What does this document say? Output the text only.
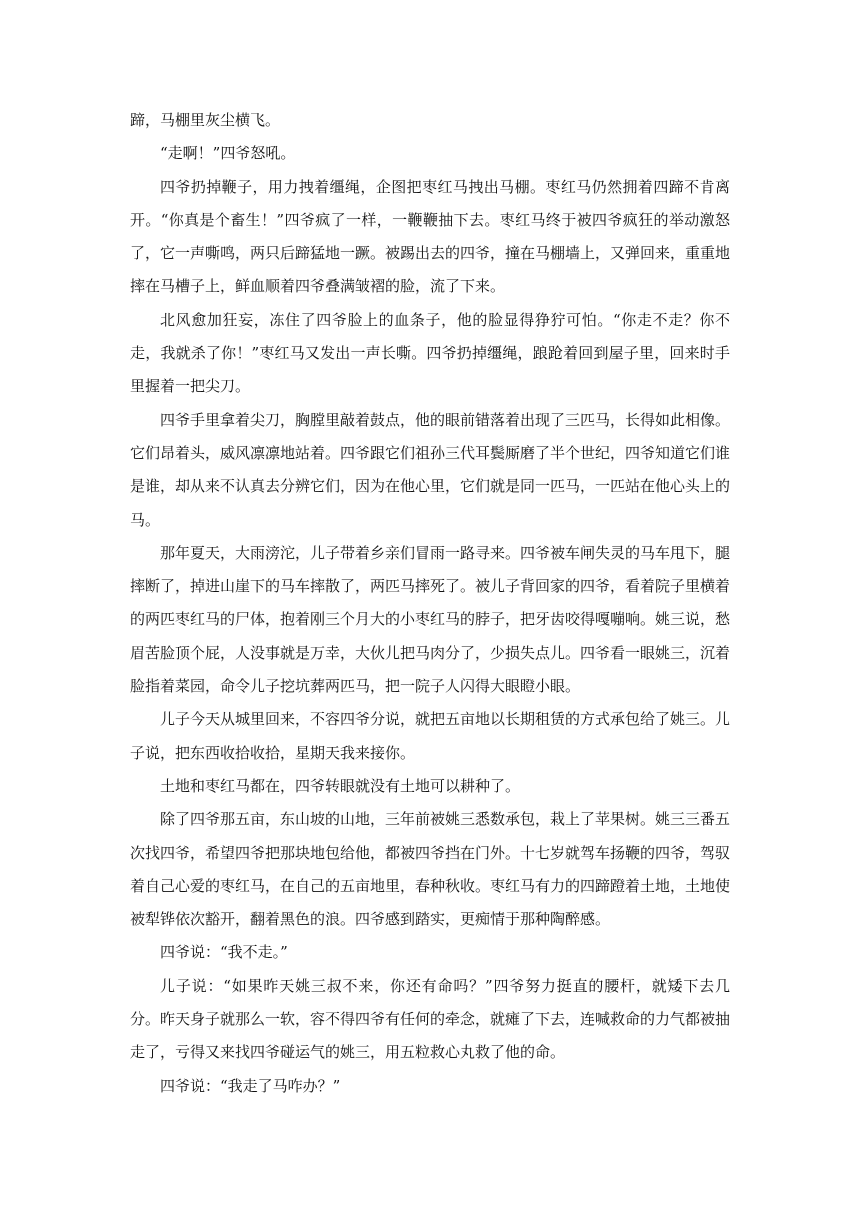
蹄，马棚里灰尘横飞。

“走啊！”四爷怒吼。

四爷扔掉鞭子，用力拽着缰绳，企图把枣红马拽出马棚。枣红马仍然拥着四蹄不肯离开。“你真是个畜生！”四爷疯了一样，一鞭鞭抽下去。枣红马终于被四爷疯狂的举动激怒了，它一声嘶鸣，两只后蹄猛地一蹶。被踢出去的四爷，撞在马棚墙上，又弹回来，重重地摔在马槽子上，鲜血顺着四爷叠满皱褶的脸，流了下来。

北风愈加狂妄，冻住了四爷脸上的血条子，他的脸显得狰狞可怕。“你走不走？你不走，我就杀了你！”枣红马又发出一声长嘶。四爷扔掉缰绳，踉跄着回到屋子里，回来时手里握着一把尖刀。

四爷手里拿着尖刀，胸膛里敲着鼓点，他的眼前错落着出现了三匹马，长得如此相像。它们昂着头，威风凛凛地站着。四爷跟它们祖孙三代耳鬓厮磨了半个世纪，四爷知道它们谁是谁，却从来不认真去分辨它们，因为在他心里，它们就是同一匹马，一匹站在他心头上的马。

那年夏天，大雨滂沱，儿子带着乡亲们冒雨一路寻来。四爷被车闸失灵的马车甩下，腿摔断了，掉进山崖下的马车摔散了，两匹马摔死了。被儿子背回家的四爷，看着院子里横着的两匹枣红马的尸体，抱着刚三个月大的小枣红马的脖子，把牙齿咬得嘎嘣响。姚三说，愁眉苦脸顶个屁，人没事就是万幸，大伙儿把马肉分了，少损失点儿。四爷看一眼姚三，沉着脸指着菜园，命令儿子挖坑葬两匹马，把一院子人闪得大眼瞪小眼。

儿子今天从城里回来，不容四爷分说，就把五亩地以长期租赁的方式承包给了姚三。儿子说，把东西收拾收拾，星期天我来接你。

土地和枣红马都在，四爷转眼就没有土地可以耕种了。

除了四爷那五亩，东山坡的山地，三年前被姚三悉数承包，栽上了苹果树。姚三三番五次找四爷，希望四爷把那块地包给他，都被四爷挡在门外。十七岁就驾车扬鞭的四爷，驾驭着自己心爱的枣红马，在自己的五亩地里，春种秋收。枣红马有力的四蹄蹬着土地，土地使被犁铧依次豁开，翻着黑色的浪。四爷感到踏实，更痴情于那种陶醉感。

四爷说：“我不走。”

儿子说：“如果昨天姚三叔不来，你还有命吗？”四爷努力挺直的腰杆，就矮下去几分。昨天身子就那么一软，容不得四爷有任何的牵念，就瘫了下去，连喊救命的力气都被抽走了，亏得又来找四爷碰运气的姚三，用五粒救心丸救了他的命。

四爷说：“我走了马咋办？”
